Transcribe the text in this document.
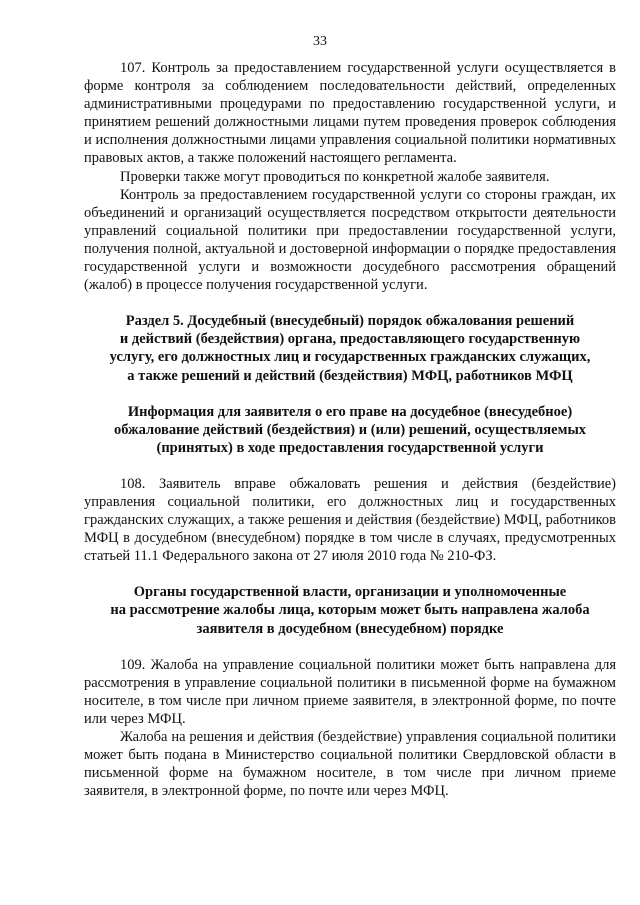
33

107. Контроль за предоставлением государственной услуги осуществляется в форме контроля за соблюдением последовательности действий, определенных административными процедурами по предоставлению государственной услуги, и принятием решений должностными лицами путем проведения проверок соблюдения и исполнения должностными лицами управления социальной политики нормативных правовых актов, а также положений настоящего регламента.

Проверки также могут проводиться по конкретной жалобе заявителя.

Контроль за предоставлением государственной услуги со стороны граждан, их объединений и организаций осуществляется посредством открытости деятельности управлений социальной политики при предоставлении государственной услуги, получения полной, актуальной и достоверной информации о порядке предоставления государственной услуги и возможности досудебного рассмотрения обращений (жалоб) в процессе получения государственной услуги.

Раздел 5. Досудебный (внесудебный) порядок обжалования решений
и действий (бездействия) органа, предоставляющего государственную
услугу, его должностных лиц и государственных гражданских служащих,
а также решений и действий (бездействия) МФЦ, работников МФЦ
Информация для заявителя о его праве на досудебное (внесудебное)
обжалование действий (бездействия) и (или) решений, осуществляемых
(принятых) в ходе предоставления государственной услуги

108. Заявитель вправе обжаловать решения и действия (бездействие) управления социальной политики, его должностных лиц и государственных гражданских служащих, а также решения и действия (бездействие) МФЦ, работников МФЦ в досудебном (внесудебном) порядке в том числе в случаях, предусмотренных статьей 11.1 Федерального закона от 27 июля 2010 года № 210-ФЗ.

Органы государственной власти, организации и уполномоченные
на рассмотрение жалобы лица, которым может быть направлена жалоба
заявителя в досудебном (внесудебном) порядке

109. Жалоба на управление социальной политики может быть направлена для рассмотрения в управление социальной политики в письменной форме на бумажном носителе, в том числе при личном приеме заявителя, в электронной форме, по почте или через МФЦ.

Жалоба на решения и действия (бездействие) управления социальной политики может быть подана в Министерство социальной политики Свердловской области в письменной форме на бумажном носителе, в том числе при личном приеме заявителя, в электронной форме, по почте или через МФЦ.
